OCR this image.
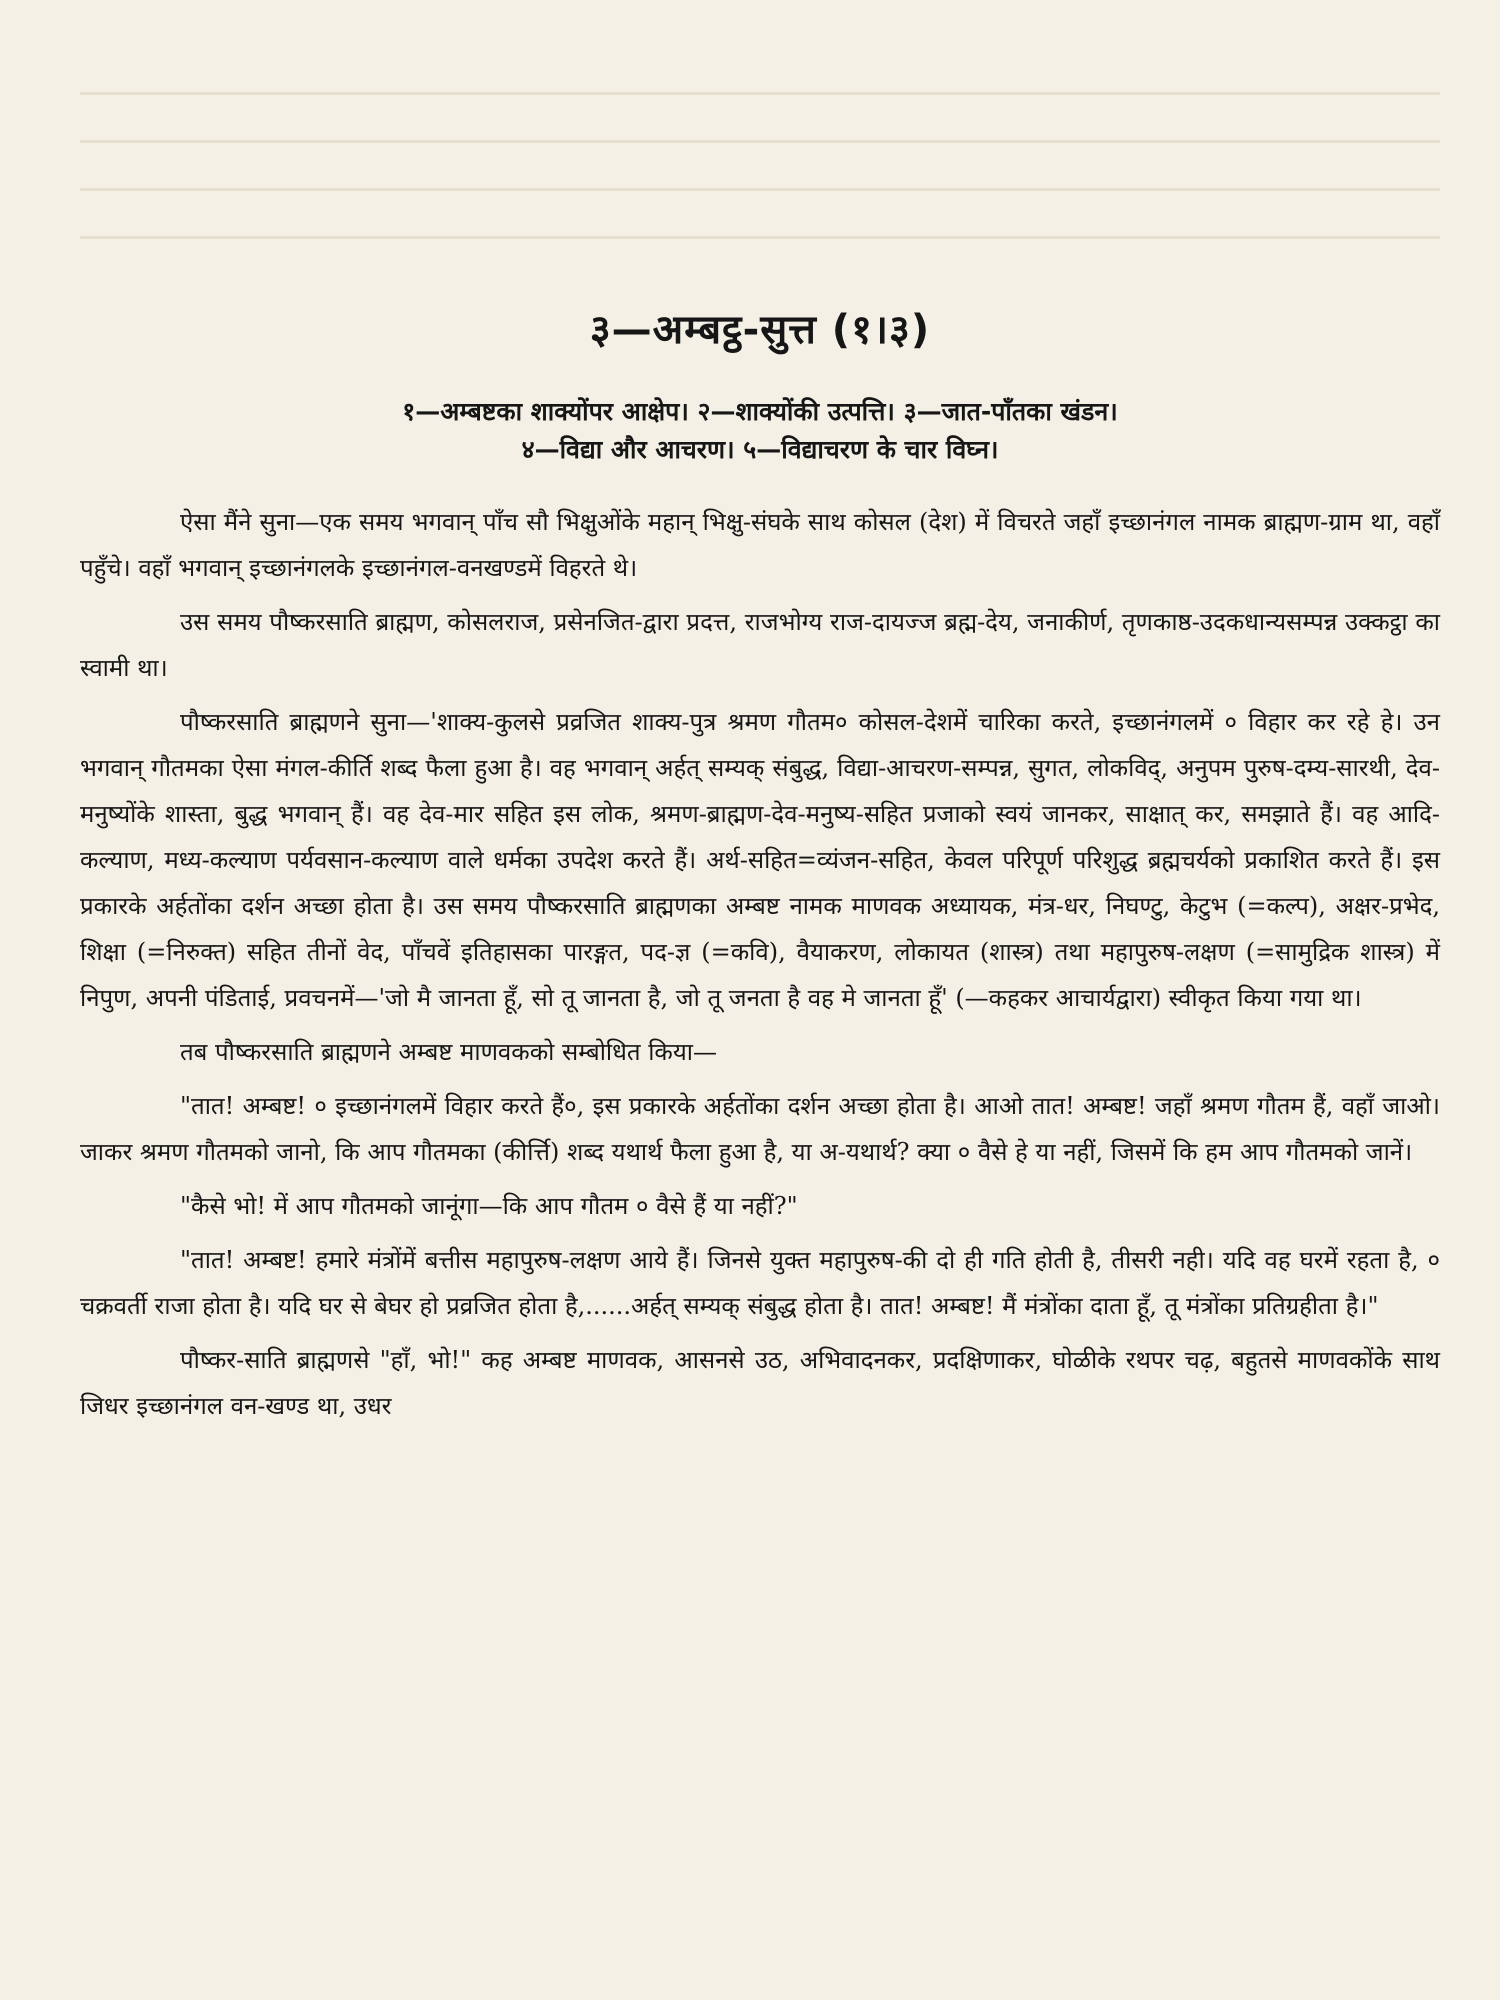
३—अम्बट्ठ-सुत्त (१।३)
१—अम्बष्टका शाक्योंपर आक्षेप। २—शाक्योंकी उत्पत्ति। ३—जात-पाँतका खंडन।
४—विद्या और आचरण। ५—विद्याचरण के चार विघ्न।

ऐसा मैंने सुना—एक समय भगवान् पाँच सौ भिक्षुओंके महान् भिक्षु-संघके साथ कोसल (देश) में विचरते जहाँ इच्छानंगल नामक ब्राह्मण-ग्राम था, वहाँ पहुँचे। वहाँ भगवान् इच्छानंगलके इच्छानंगल-वनखण्डमें विहरते थे।

उस समय पौष्करसाति ब्राह्मण, कोसलराज, प्रसेनजित-द्वारा प्रदत्त, राजभोग्य राज-दायज्ज ब्रह्म-देय, जनाकीर्ण, तृणकाष्ठ-उदकधान्यसम्पन्न उक्कट्ठा का स्वामी था।

पौष्करसाति ब्राह्मणने सुना—'शाक्य-कुलसे प्रव्रजित शाक्य-पुत्र श्रमण गौतम० कोसल-देशमें चारिका करते, इच्छानंगलमें ० विहार कर रहे हे। उन भगवान् गौतमका ऐसा मंगल-कीर्ति शब्द फैला हुआ है। वह भगवान् अर्हत् सम्यक् संबुद्ध, विद्या-आचरण-सम्पन्न, सुगत, लोकविद्, अनुपम पुरुष-दम्य-सारथी, देव-मनुष्योंके शास्ता, बुद्ध भगवान् हैं। वह देव-मार सहित इस लोक, श्रमण-ब्राह्मण-देव-मनुष्य-सहित प्रजाको स्वयं जानकर, साक्षात् कर, समझाते हैं। वह आदि-कल्याण, मध्य-कल्याण पर्यवसान-कल्याण वाले धर्मका उपदेश करते हैं। अर्थ-सहित=व्यंजन-सहित, केवल परिपूर्ण परिशुद्ध ब्रह्मचर्यको प्रकाशित करते हैं। इस प्रकारके अर्हतोंका दर्शन अच्छा होता है। उस समय पौष्करसाति ब्राह्मणका अम्बष्ट नामक माणवक अध्यायक, मंत्र-धर, निघण्टु, केटुभ (=कल्प), अक्षर-प्रभेद, शिक्षा (=निरुक्त) सहित तीनों वेद, पाँचवें इतिहासका पारङ्गत, पद-ज्ञ (=कवि), वैयाकरण, लोकायत (शास्त्र) तथा महापुरुष-लक्षण (=सामुद्रिक शास्त्र) में निपुण, अपनी पंडिताई, प्रवचनमें—'जो मै जानता हूँ, सो तू जानता है, जो तू जनता है वह मे जानता हूँ' (—कहकर आचार्यद्वारा) स्वीकृत किया गया था।

तब पौष्करसाति ब्राह्मणने अम्बष्ट माणवकको सम्बोधित किया—

"तात! अम्बष्ट! ० इच्छानंगलमें विहार करते हैं०, इस प्रकारके अर्हतोंका दर्शन अच्छा होता है। आओ तात! अम्बष्ट! जहाँ श्रमण गौतम हैं, वहाँ जाओ। जाकर श्रमण गौतमको जानो, कि आप गौतमका (कीर्त्ति) शब्द यथार्थ फैला हुआ है, या अ-यथार्थ? क्या ० वैसे हे या नहीं, जिसमें कि हम आप गौतमको जानें।

"कैसे भो! में आप गौतमको जानूंगा—कि आप गौतम ० वैसे हैं या नहीं?"

"तात! अम्बष्ट! हमारे मंत्रोंमें बत्तीस महापुरुष-लक्षण आये हैं। जिनसे युक्त महापुरुष-की दो ही गति होती है, तीसरी नही। यदि वह घरमें रहता है, ० चक्रवर्ती राजा होता है। यदि घर से बेघर हो प्रव्रजित होता है,......अर्हत् सम्यक् संबुद्ध होता है। तात! अम्बष्ट! मैं मंत्रोंका दाता हूँ, तू मंत्रोंका प्रतिग्रहीता है।"

पौष्कर-साति ब्राह्मणसे "हाँ, भो!" कह अम्बष्ट माणवक, आसनसे उठ, अभिवादनकर, प्रदक्षिणाकर, घोळीके रथपर चढ़, बहुतसे माणवकोंके साथ जिधर इच्छानंगल वन-खण्ड था, उधर
